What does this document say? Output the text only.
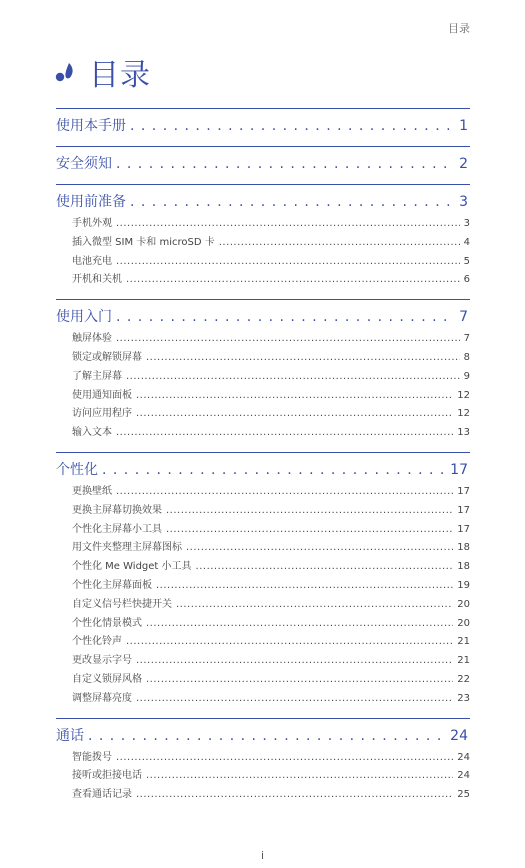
目录
目录
使用本手册 . . .	1
安全须知 . . .	2
使用前准备 . . .	3
手机外观 .....	3
插入微型 SIM 卡和 microSD 卡 .....	4
电池充电 .....	5
开机和关机 .....	6
使用入门 . . .	7
触屏体验 .....	7
锁定或解锁屏幕 .....	8
了解主屏幕 .....	9
使用通知面板 .....	12
访问应用程序 .....	12
输入文本 .....	13
个性化 . . .	17
更换壁纸 .....	17
更换主屏幕切换效果 .....	17
个性化主屏幕小工具 .....	17
用文件夹整理主屏幕图标 .....	18
个性化 Me Widget 小工具 .....	18
个性化主屏幕面板 .....	19
自定义信号栏快捷开关 .....	20
个性化情景模式 .....	20
个性化铃声 .....	21
更改显示字号 .....	21
自定义锁屏风格 .....	22
调整屏幕亮度 .....	23
通话 . . .	24
智能拨号 .....	24
接听或拒接电话 .....	24
查看通话记录 .....	25
i
